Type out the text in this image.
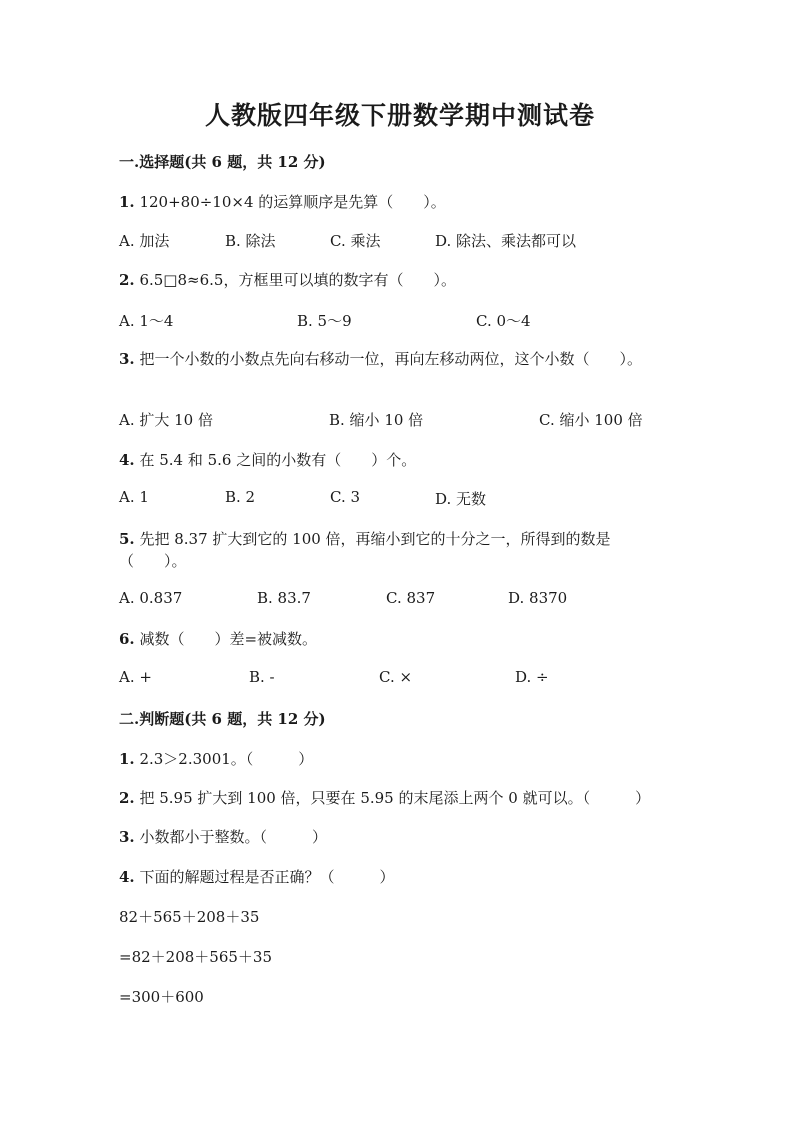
人教版四年级下册数学期中测试卷
一.选择题(共 6 题，共 12 分)
1. 120+80÷10×4 的运算顺序是先算（　　）。
A. 加法	B. 除法	C. 乘法	D. 除法、乘法都可以
2. 6.5□8≈6.5，方框里可以填的数字有（　　）。
A. 1～4	B. 5～9	C. 0～4
3. 把一个小数的小数点先向右移动一位，再向左移动两位，这个小数（　　）。
A. 扩大 10 倍	B. 缩小 10 倍	C. 缩小 100 倍
4. 在 5.4 和 5.6 之间的小数有（　　）个。
A. 1	B. 2	C. 3	D. 无数
5. 先把 8.37 扩大到它的 100 倍，再缩小到它的十分之一，所得到的数是
（　　）。
A. 0.837	B. 83.7	C. 837	D. 8370
6. 减数（　　）差=被减数。
A. +	B. -	C. ×	D. ÷
二.判断题(共 6 题，共 12 分)
1. 2.3＞2.3001。（　　　）
2. 把 5.95 扩大到 100 倍，只要在 5.95 的末尾添上两个 0 就可以。（　　　）
3. 小数都小于整数。（　　　）
4. 下面的解题过程是否正确？（　　　）
82＋565＋208＋35
=82＋208＋565＋35
=300＋600
